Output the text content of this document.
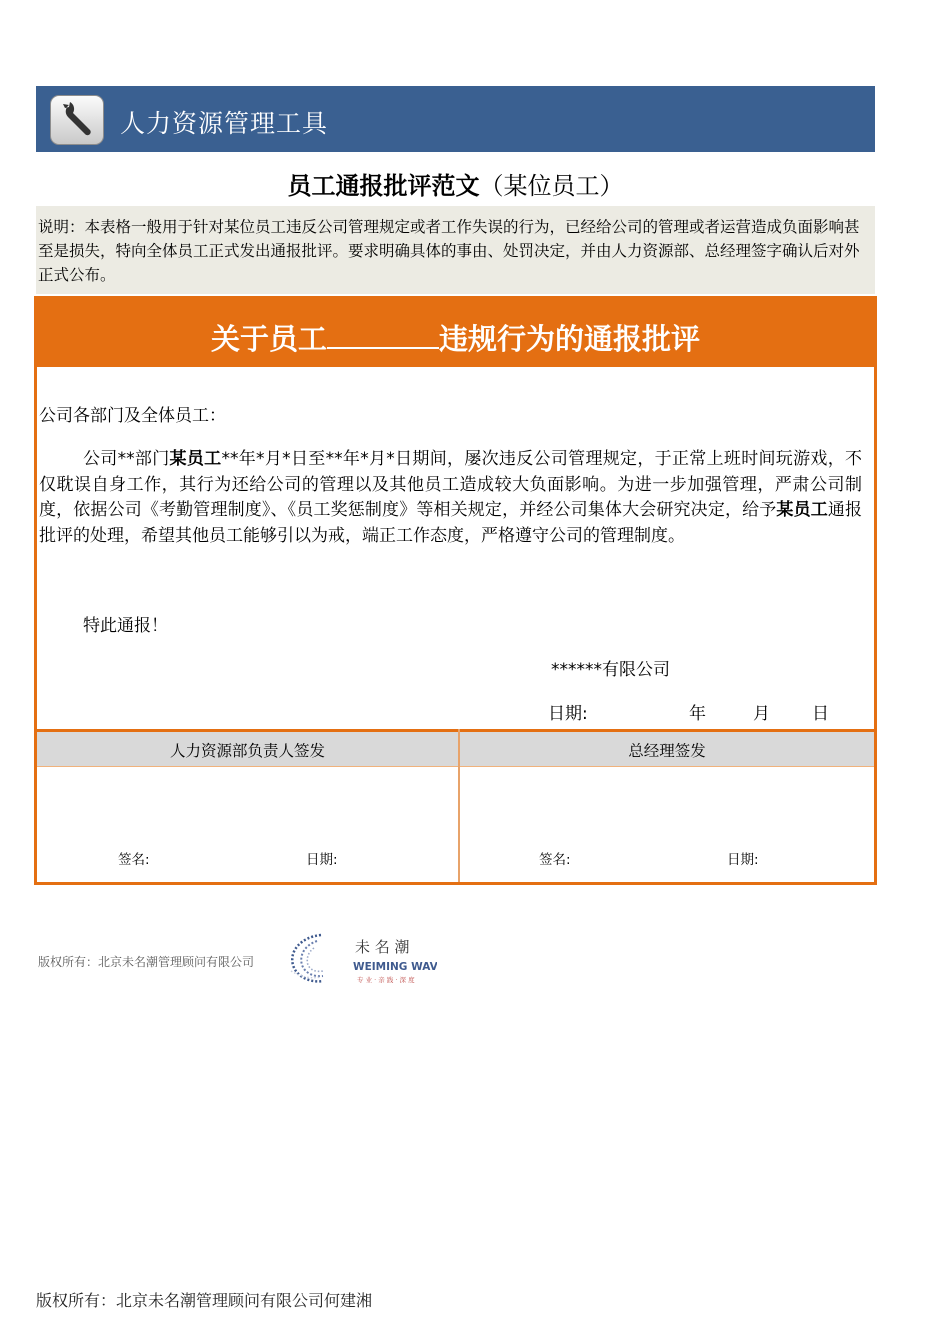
人力资源管理工具
员工通报批评范文（某位员工）
说明：本表格一般用于针对某位员工违反公司管理规定或者工作失误的行为，已经给公司的管理或者运营造成负面影响甚至是损失，特向全体员工正式发出通报批评。要求明确具体的事由、处罚决定，并由人力资源部、总经理签字确认后对外正式公布。
关于员工	违规行为的通报批评
公司各部门及全体员工：
公司**部门某员工**年*月*日至**年*月*日期间，屡次违反公司管理规定，于正常上班时间玩游戏，不仅耽误自身工作，其行为还给公司的管理以及其他员工造成较大负面影响。为进一步加强管理，严肃公司制度，依据公司《考勤管理制度》、《员工奖惩制度》等相关规定，并经公司集体大会研究决定，给予某员工通报批评的处理，希望其他员工能够引以为戒，端正工作态度，严格遵守公司的管理制度。
特此通报！
******有限公司
日期:	年	月 日
人力资源部负责人签发	总经理签发
签名:	日期:	签名:	日期:
版权所有：北京未名潮管理顾问有限公司
未 名 潮
WEIMING WAVE
专 业 · 亲 践 · 深 度
版权所有：北京未名潮管理顾问有限公司何建湘
